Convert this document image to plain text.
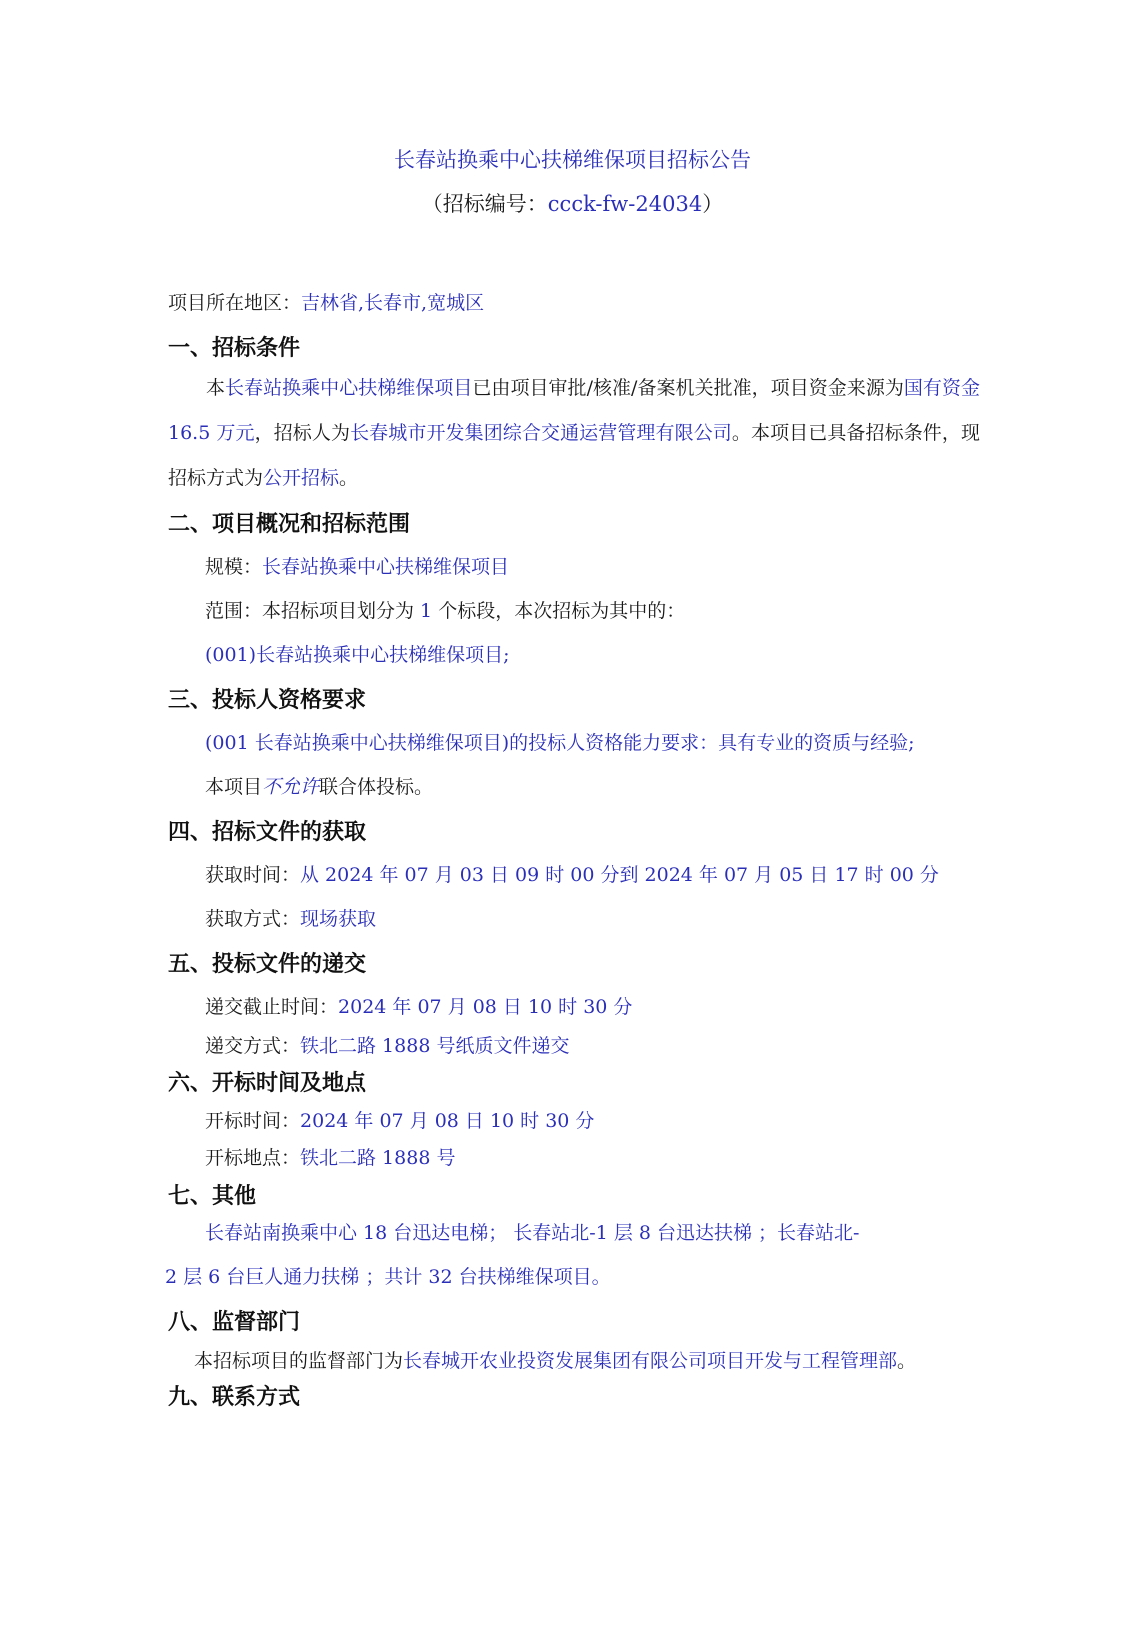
长春站换乘中心扶梯维保项目招标公告
（招标编号：ccck-fw-24034）
项目所在地区：吉林省,长春市,宽城区
一、招标条件
本长春站换乘中心扶梯维保项目已由项目审批/核准/备案机关批准，项目资金来源为国有资金 16.5 万元，招标人为长春城市开发集团综合交通运营管理有限公司。本项目已具备招标条件，现招标方式为公开招标。
二、项目概况和招标范围
规模：长春站换乘中心扶梯维保项目
范围：本招标项目划分为 1 个标段，本次招标为其中的：
(001)长春站换乘中心扶梯维保项目;
三、投标人资格要求
(001 长春站换乘中心扶梯维保项目)的投标人资格能力要求：具有专业的资质与经验;
本项目不允许联合体投标。
四、招标文件的获取
获取时间：从 2024 年 07 月 03 日 09 时 00 分到 2024 年 07 月 05 日 17 时 00 分
获取方式：现场获取
五、投标文件的递交
递交截止时间：2024 年 07 月 08 日 10 时 30 分
递交方式：铁北二路 1888 号纸质文件递交
六、开标时间及地点
开标时间：2024 年 07 月 08 日 10 时 30 分
开标地点：铁北二路 1888 号
七、其他
长春站南换乘中心 18 台迅达电梯； 长春站北-1 层 8 台迅达扶梯 ；长春站北-
2 层 6 台巨人通力扶梯 ；共计 32 台扶梯维保项目。
八、监督部门
本招标项目的监督部门为长春城开农业投资发展集团有限公司项目开发与工程管理部。
九、联系方式
